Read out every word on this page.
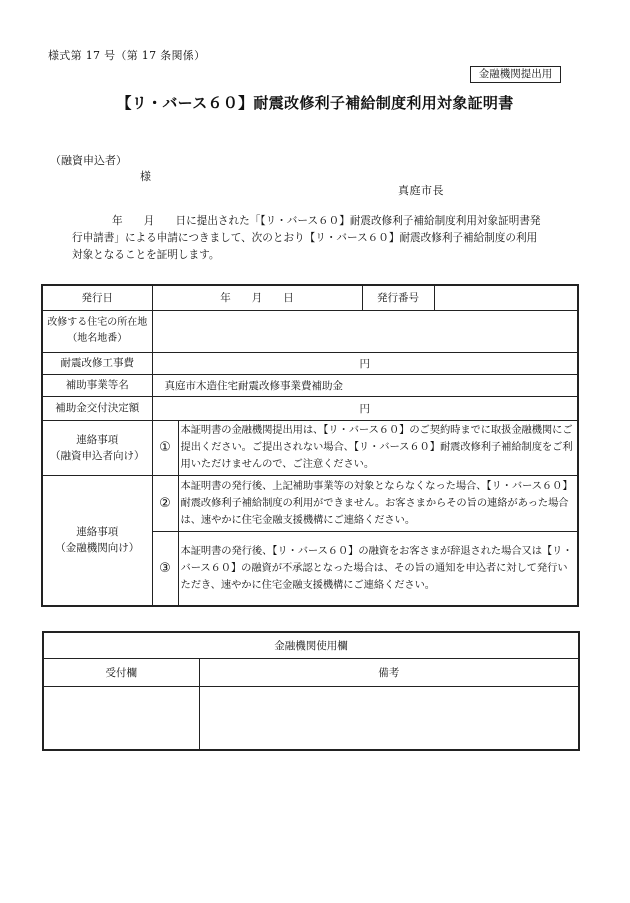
様式第 17 号（第 17 条関係）
金融機関提出用
【リ・バース６０】耐震改修利子補給制度利用対象証明書
（融資申込者）
様
真庭市長
年　　月　　日に提出された「【リ・バース６０】耐震改修利子補給制度利用対象証明書発
行申請書」による申請につきまして、次のとおり【リ・バース６０】耐震改修利子補給制度の利用
対象となることを証明します。
発行日	年　　月　　日		発行番号	

改修する住宅の所在地
（地名地番）				

耐震改修工事費	円			
補助事業等名	真庭市木造住宅耐震改修事業費補助金			
補助金交付決定額	円			

連絡事項
（融資申込者向け）	①	本証明書の金融機関提出用は、【リ・バース６０】のご契約時までに取扱金融機関にご提出ください。ご提出されない場合、【リ・バース６０】耐震改修利子補給制度をご利用いただけませんので、ご注意ください。		

連絡事項
（金融機関向け）	②	本証明書の発行後、上記補助事業等の対象とならなくなった場合、【リ・バース６０】耐震改修利子補給制度の利用ができません。お客さまからその旨の連絡があった場合は、速やかに住宅金融支援機構にご連絡ください。		
	③	本証明書の発行後、【リ・バース６０】の融資をお客さまが辞退された場合又は【リ・バース６０】の融資が不承認となった場合は、その旨の通知を申込者に対して発行いただき、速やかに住宅金融支援機構にご連絡ください。		
金融機関使用欄	
受付欄	備考
